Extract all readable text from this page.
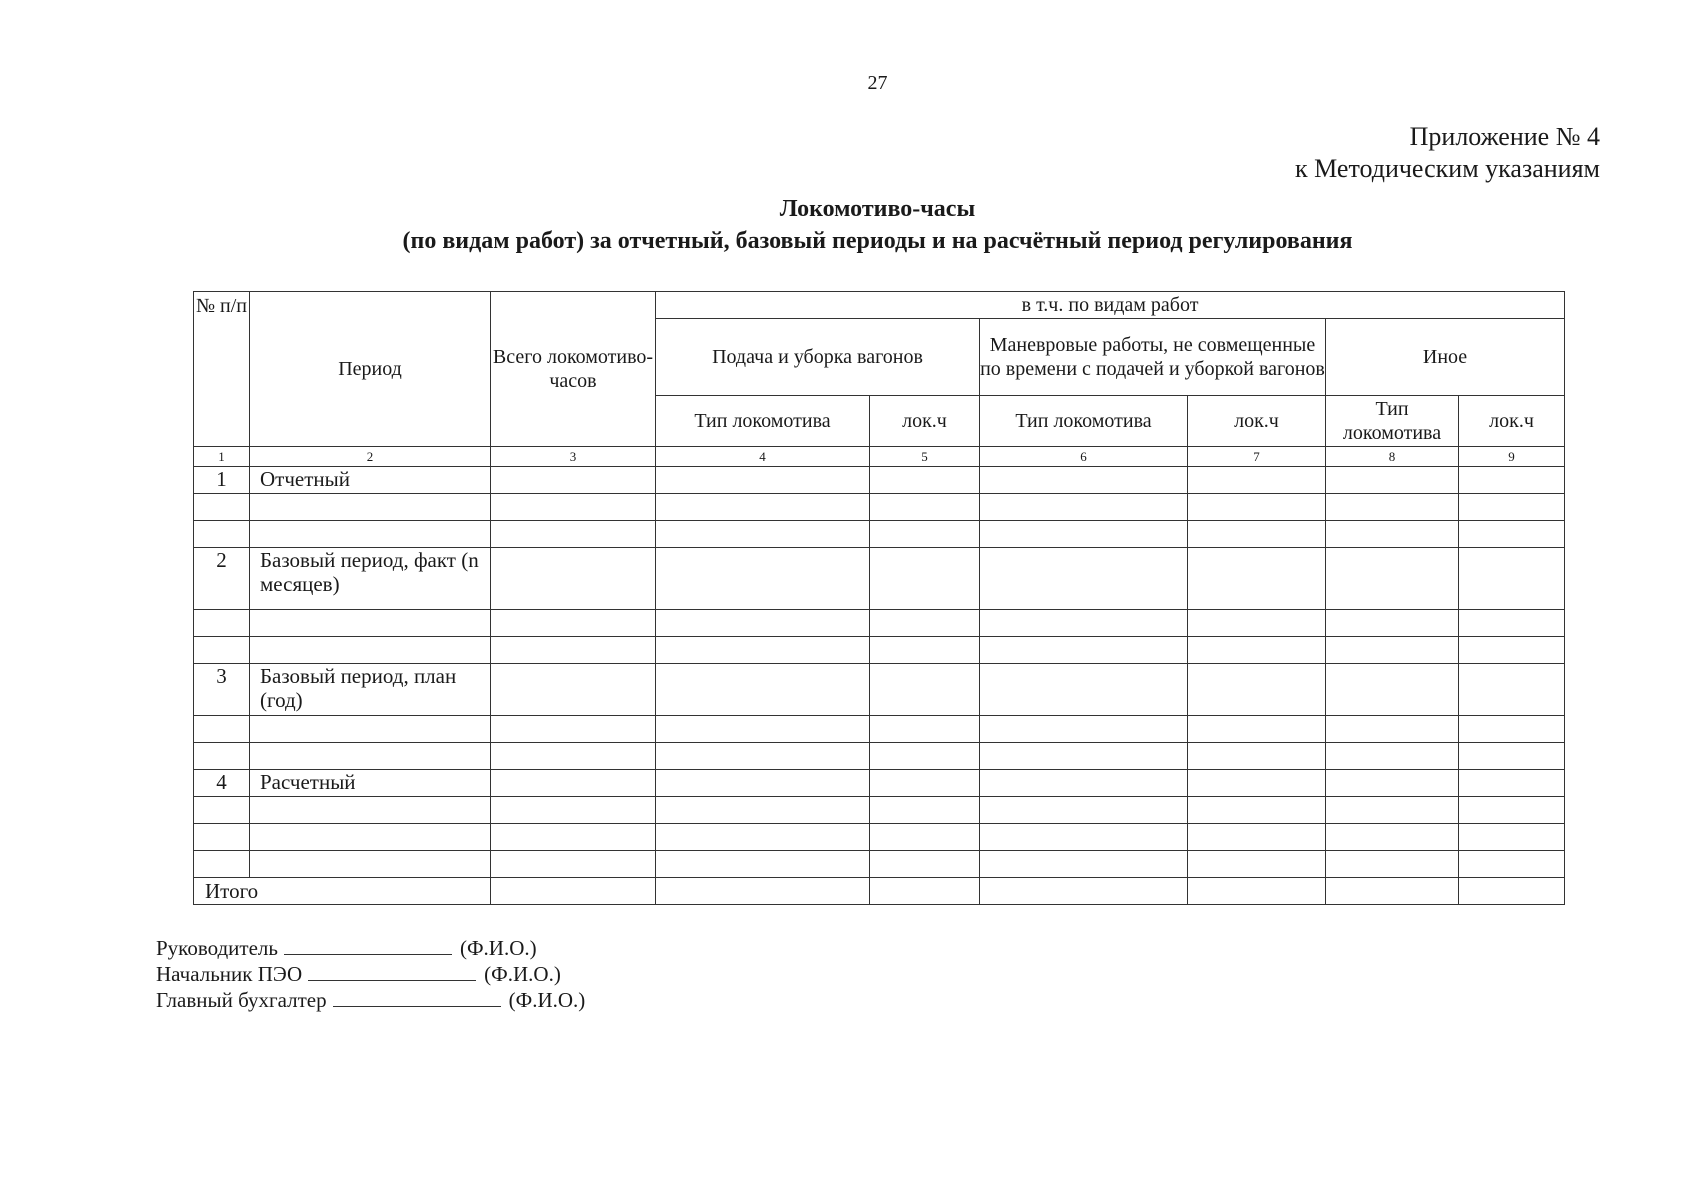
27
Приложение № 4
к Методическим указаниям
Локомотиво-часы
(по видам работ) за отчетный, базовый периоды и на расчётный период регулирования
№ п/п	Период	Всего локомотиво-часов	в т.ч. по видам работ					
			Подача и уборка вагонов		Маневровые работы, не совмещенные по времени с подачей и уборкой вагонов		Иное	
			Тип локомотива	лок.ч	Тип локомотива	лок.ч	Тип локомотива	лок.ч
1	2	3	4	5	6	7	8	9
1	Отчетный							

2	Базовый период, факт (n месяцев)							

3	Базовый период, план (год)							

4	Расчетный							

Итого								
Руководитель	(Ф.И.О.)
Начальник ПЭО	(Ф.И.О.)
Главный бухгалтер	(Ф.И.О.)
